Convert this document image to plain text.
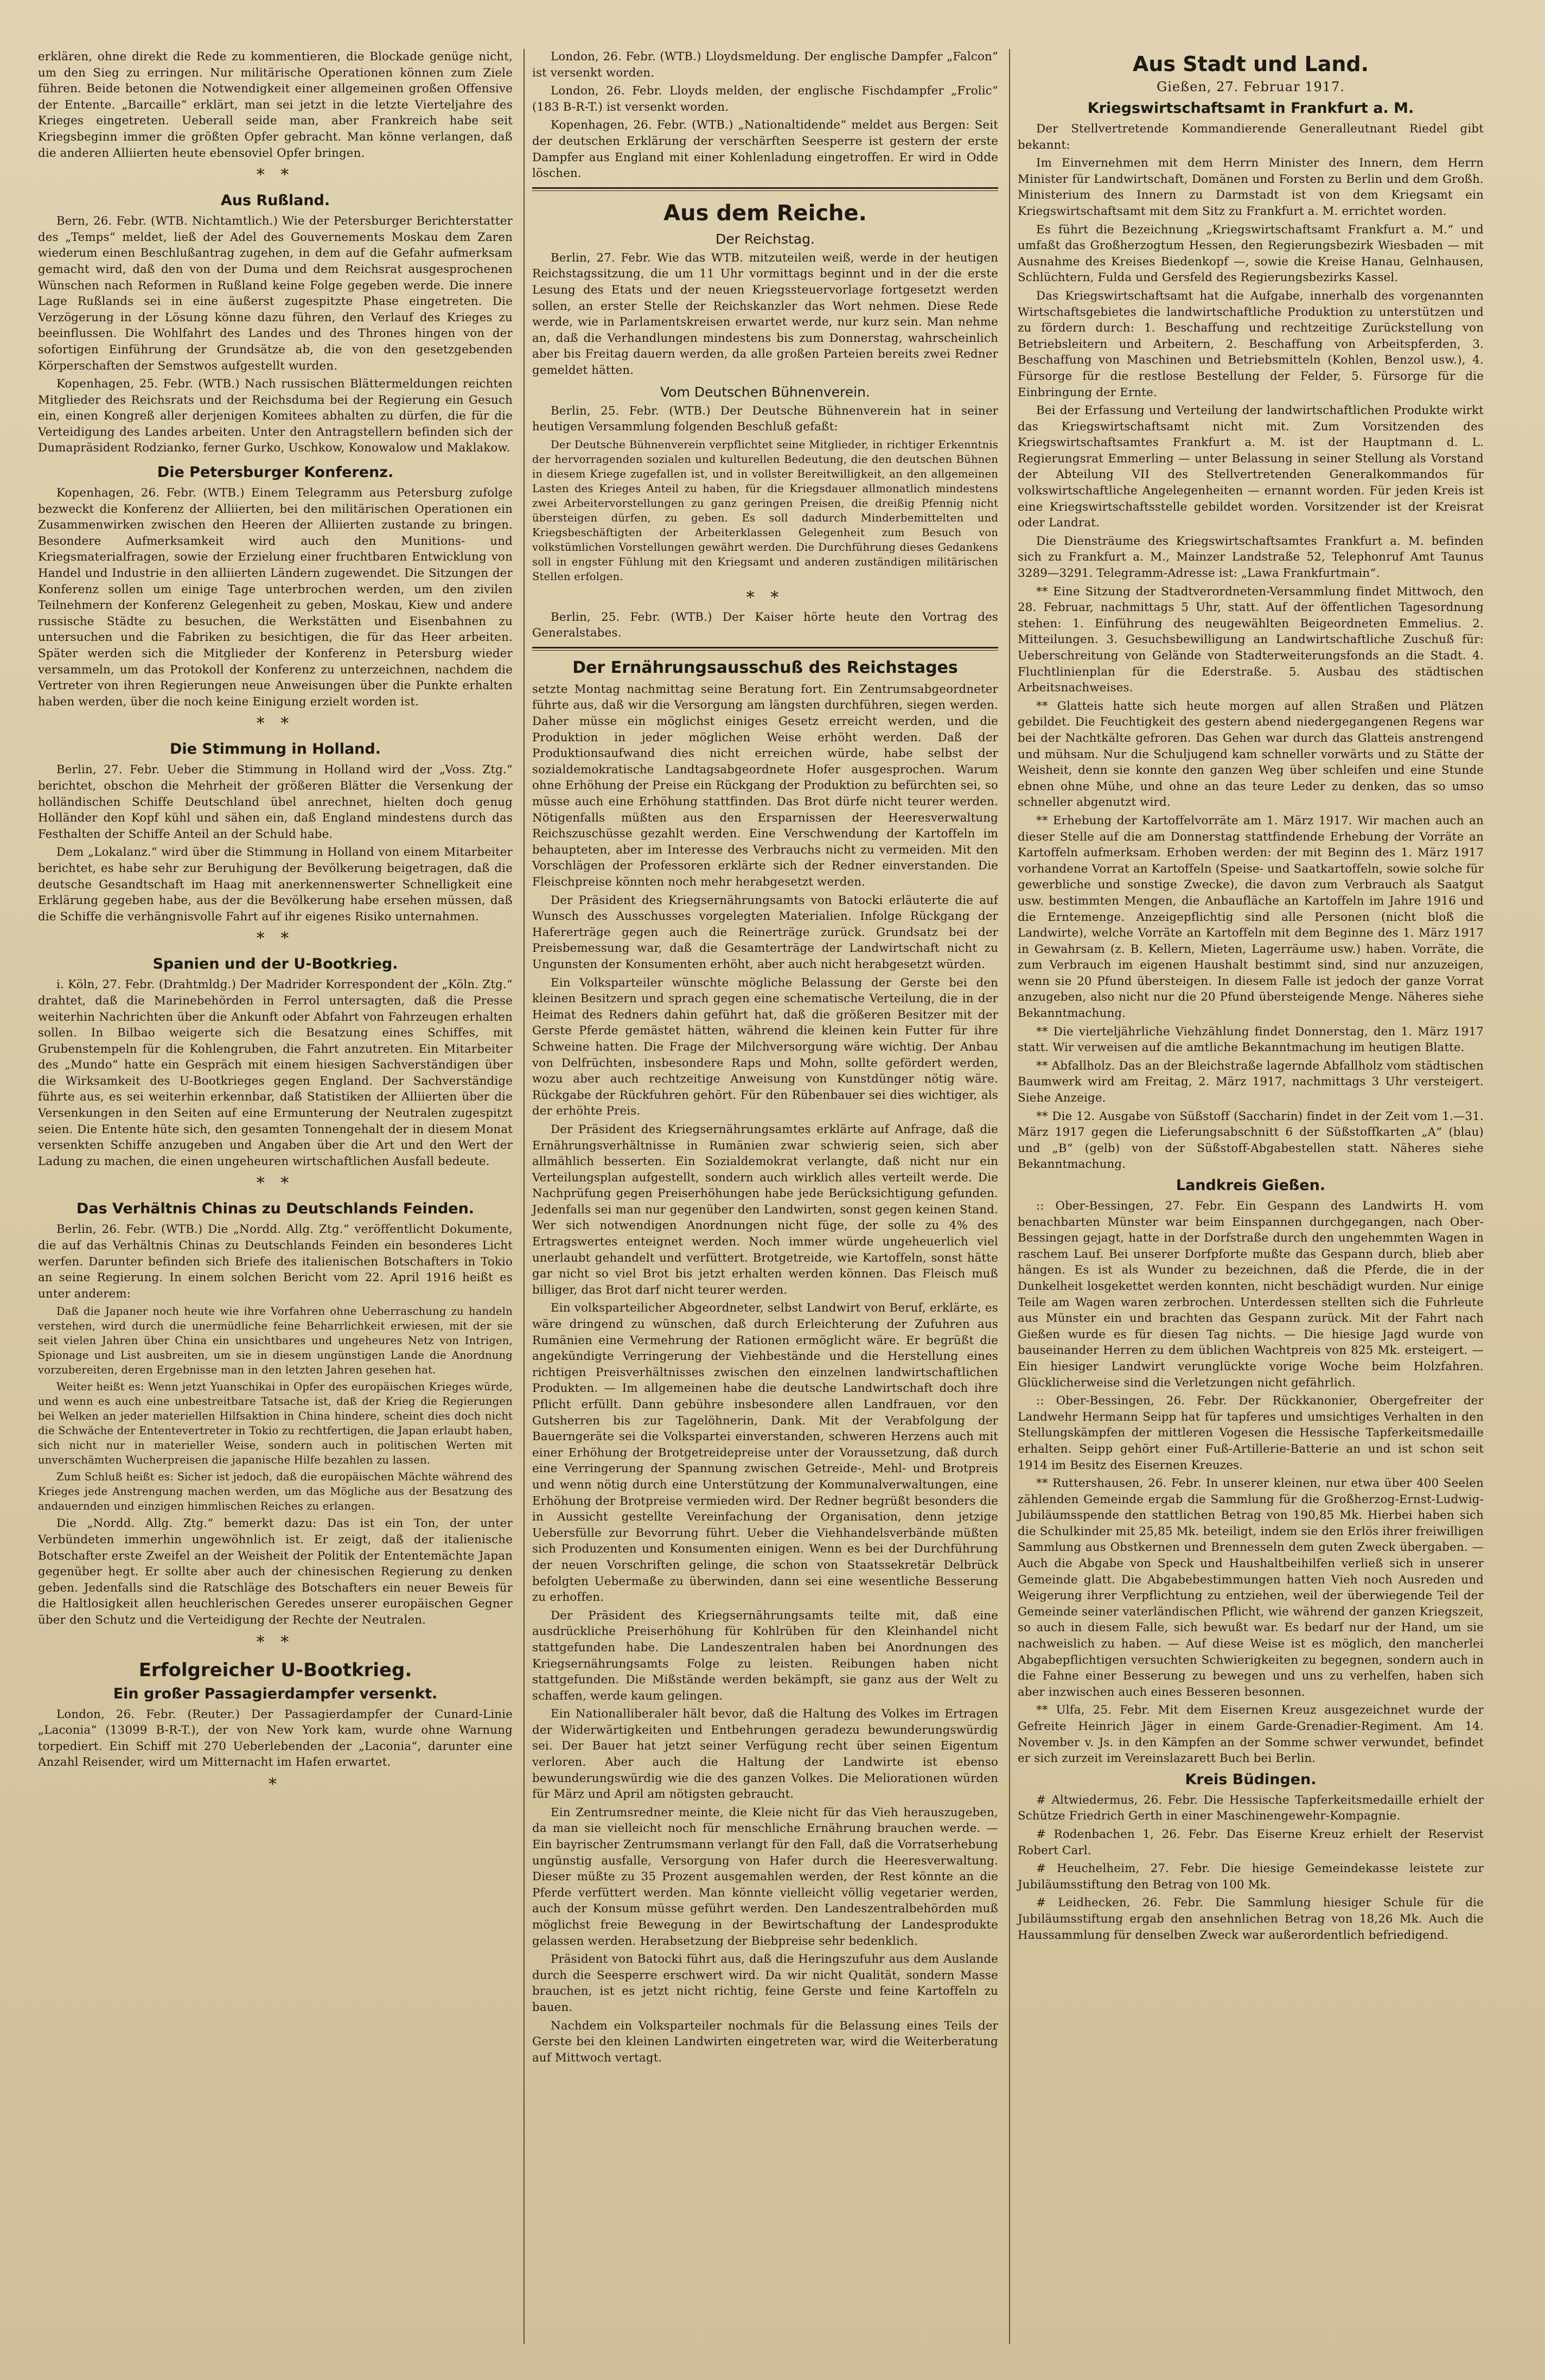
erklären, ohne direkt die Rede zu kommentieren, die Blockade genüge nicht, um den Sieg zu erringen. Nur militärische Operationen können zum Ziele führen. Beide betonen die Notwendigkeit einer allgemeinen großen Offensive der Entente. „Barcaille“ erklärt, man sei jetzt in die letzte Vierteljahre des Krieges eingetreten. Ueberall seide man, aber Frankreich habe seit Kriegsbeginn immer die größten Opfer gebracht. Man könne verlangen, daß die anderen Alliierten heute ebensoviel Opfer bringen.

* *
Aus Rußland.

Bern, 26. Febr. (WTB. Nichtamtlich.) Wie der Petersburger Berichterstatter des „Temps“ meldet, ließ der Adel des Gouvernements Moskau dem Zaren wiederum einen Beschlußantrag zugehen, in dem auf die Gefahr aufmerksam gemacht wird, daß den von der Duma und dem Reichsrat ausgesprochenen Wünschen nach Reformen in Rußland keine Folge gegeben werde. Die innere Lage Rußlands sei in eine äußerst zugespitzte Phase eingetreten. Die Verzögerung in der Lösung könne dazu führen, den Verlauf des Krieges zu beeinflussen. Die Wohlfahrt des Landes und des Thrones hingen von der sofortigen Einführung der Grundsätze ab, die von den gesetzgebenden Körperschaften der Semstwos aufgestellt wurden.

Kopenhagen, 25. Febr. (WTB.) Nach russischen Blättermeldungen reichten Mitglieder des Reichsrats und der Reichsduma bei der Regierung ein Gesuch ein, einen Kongreß aller derjenigen Komitees abhalten zu dürfen, die für die Verteidigung des Landes arbeiten. Unter den Antragstellern befinden sich der Dumapräsident Rodzianko, ferner Gurko, Uschkow, Konowalow und Maklakow.

Die Petersburger Konferenz.

Kopenhagen, 26. Febr. (WTB.) Einem Telegramm aus Petersburg zufolge bezweckt die Konferenz der Alliierten, bei den militärischen Operationen ein Zusammenwirken zwischen den Heeren der Alliierten zustande zu bringen. Besondere Aufmerksamkeit wird auch den Munitions- und Kriegsmaterialfragen, sowie der Erzielung einer fruchtbaren Entwicklung von Handel und Industrie in den alliierten Ländern zugewendet. Die Sitzungen der Konferenz sollen um einige Tage unterbrochen werden, um den zivilen Teilnehmern der Konferenz Gelegenheit zu geben, Moskau, Kiew und andere russische Städte zu besuchen, die Werkstätten und Eisenbahnen zu untersuchen und die Fabriken zu besichtigen, die für das Heer arbeiten. Später werden sich die Mitglieder der Konferenz in Petersburg wieder versammeln, um das Protokoll der Konferenz zu unterzeichnen, nachdem die Vertreter von ihren Regierungen neue Anweisungen über die Punkte erhalten haben werden, über die noch keine Einigung erzielt worden ist.

* *
Die Stimmung in Holland.

Berlin, 27. Febr. Ueber die Stimmung in Holland wird der „Voss. Ztg.“ berichtet, obschon die Mehrheit der größeren Blätter die Versenkung der holländischen Schiffe Deutschland übel anrechnet, hielten doch genug Holländer den Kopf kühl und sähen ein, daß England mindestens durch das Festhalten der Schiffe Anteil an der Schuld habe.

Dem „Lokalanz.“ wird über die Stimmung in Holland von einem Mitarbeiter berichtet, es habe sehr zur Beruhigung der Bevölkerung beigetragen, daß die deutsche Gesandtschaft im Haag mit anerkennenswerter Schnelligkeit eine Erklärung gegeben habe, aus der die Bevölkerung habe ersehen müssen, daß die Schiffe die verhängnisvolle Fahrt auf ihr eigenes Risiko unternahmen.

* *
Spanien und der U-Bootkrieg.

i. Köln, 27. Febr. (Drahtmldg.) Der Madrider Korrespondent der „Köln. Ztg.“ drahtet, daß die Marinebehörden in Ferrol untersagten, daß die Presse weiterhin Nachrichten über die Ankunft oder Abfahrt von Fahrzeugen erhalten sollen. In Bilbao weigerte sich die Besatzung eines Schiffes, mit Grubenstempeln für die Kohlengruben, die Fahrt anzutreten. Ein Mitarbeiter des „Mundo“ hatte ein Gespräch mit einem hiesigen Sachverständigen über die Wirksamkeit des U-Bootkrieges gegen England. Der Sachverständige führte aus, es sei weiterhin erkennbar, daß Statistiken der Alliierten über die Versenkungen in den Seiten auf eine Ermunterung der Neutralen zugespitzt seien. Die Entente hüte sich, den gesamten Tonnengehalt der in diesem Monat versenkten Schiffe anzugeben und Angaben über die Art und den Wert der Ladung zu machen, die einen ungeheuren wirtschaftlichen Ausfall bedeute.

* *
Das Verhältnis Chinas zu Deutschlands Feinden.

Berlin, 26. Febr. (WTB.) Die „Nordd. Allg. Ztg.“ veröffentlicht Dokumente, die auf das Verhältnis Chinas zu Deutschlands Feinden ein besonderes Licht werfen. Darunter befinden sich Briefe des italienischen Botschafters in Tokio an seine Regierung. In einem solchen Bericht vom 22. April 1916 heißt es unter anderem:

Daß die Japaner noch heute wie ihre Vorfahren ohne Ueberraschung zu handeln verstehen, wird durch die unermüdliche feine Beharrlichkeit erwiesen, mit der sie seit vielen Jahren über China ein unsichtbares und ungeheures Netz von Intrigen, Spionage und List ausbreiten, um sie in diesem ungünstigen Lande die Anordnung vorzubereiten, deren Ergebnisse man in den letzten Jahren gesehen hat.

Weiter heißt es: Wenn jetzt Yuanschikai in Opfer des europäischen Krieges würde, und wenn es auch eine unbestreitbare Tatsache ist, daß der Krieg die Regierungen bei Welken an jeder materiellen Hilfsaktion in China hindere, scheint dies doch nicht die Schwäche der Ententevertreter in Tokio zu rechtfertigen, die Japan erlaubt haben, sich nicht nur in materieller Weise, sondern auch in politischen Werten mit unverschämten Wucherpreisen die japanische Hilfe bezahlen zu lassen.

Zum Schluß heißt es: Sicher ist jedoch, daß die europäischen Mächte während des Krieges jede Anstrengung machen werden, um das Mögliche aus der Besatzung des andauernden und einzigen himmlischen Reiches zu erlangen.

Die „Nordd. Allg. Ztg.“ bemerkt dazu: Das ist ein Ton, der unter Verbündeten immerhin ungewöhnlich ist. Er zeigt, daß der italienische Botschafter erste Zweifel an der Weisheit der Politik der Ententemächte Japan gegenüber hegt. Er sollte aber auch der chinesischen Regierung zu denken geben. Jedenfalls sind die Ratschläge des Botschafters ein neuer Beweis für die Haltlosigkeit allen heuchlerischen Geredes unserer europäischen Gegner über den Schutz und die Verteidigung der Rechte der Neutralen.

* *
Erfolgreicher U-Bootkrieg.
Ein großer Passagierdampfer versenkt.

London, 26. Febr. (Reuter.) Der Passagierdampfer der Cunard-Linie „Laconia“ (13099 B-R-T.), der von New York kam, wurde ohne Warnung torpediert. Ein Schiff mit 270 Ueberlebenden der „Laconia“, darunter eine Anzahl Reisender, wird um Mitternacht im Hafen erwartet.

*

London, 26. Febr. (WTB.) Lloydsmeldung. Der englische Dampfer „Falcon“ ist versenkt worden.

London, 26. Febr. Lloyds melden, der englische Fischdampfer „Frolic“ (183 B-R-T.) ist versenkt worden.

Kopenhagen, 26. Febr. (WTB.) „Nationaltidende“ meldet aus Bergen: Seit der deutschen Erklärung der verschärften Seesperre ist gestern der erste Dampfer aus England mit einer Kohlenladung eingetroffen. Er wird in Odde löschen.

Aus dem Reiche.
Der Reichstag.

Berlin, 27. Febr. Wie das WTB. mitzuteilen weiß, werde in der heutigen Reichstagssitzung, die um 11 Uhr vormittags beginnt und in der die erste Lesung des Etats und der neuen Kriegssteuervorlage fortgesetzt werden sollen, an erster Stelle der Reichskanzler das Wort nehmen. Diese Rede werde, wie in Parlamentskreisen erwartet werde, nur kurz sein. Man nehme an, daß die Verhandlungen mindestens bis zum Donnerstag, wahrscheinlich aber bis Freitag dauern werden, da alle großen Parteien bereits zwei Redner gemeldet hätten.

Vom Deutschen Bühnenverein.

Berlin, 25. Febr. (WTB.) Der Deutsche Bühnenverein hat in seiner heutigen Versammlung folgenden Beschluß gefaßt:

Der Deutsche Bühnenverein verpflichtet seine Mitglieder, in richtiger Erkenntnis der hervorragenden sozialen und kulturellen Bedeutung, die den deutschen Bühnen in diesem Kriege zugefallen ist, und in vollster Bereitwilligkeit, an den allgemeinen Lasten des Krieges Anteil zu haben, für die Kriegsdauer allmonatlich mindestens zwei Arbeitervorstellungen zu ganz geringen Preisen, die dreißig Pfennig nicht übersteigen dürfen, zu geben. Es soll dadurch Minderbemittelten und Kriegsbeschäftigten der Arbeiterklassen Gelegenheit zum Besuch von volkstümlichen Vorstellungen gewährt werden. Die Durchführung dieses Gedankens soll in engster Fühlung mit den Kriegsamt und anderen zuständigen militärischen Stellen erfolgen.

* *

Berlin, 25. Febr. (WTB.) Der Kaiser hörte heute den Vortrag des Generalstabes.

Der Ernährungsausschuß des Reichstages

setzte Montag nachmittag seine Beratung fort. Ein Zentrumsabgeordneter führte aus, daß wir die Versorgung am längsten durchführen, siegen werden. Daher müsse ein möglichst einiges Gesetz erreicht werden, und die Produktion in jeder möglichen Weise erhöht werden. Daß der Produktionsaufwand dies nicht erreichen würde, habe selbst der sozialdemokratische Landtagsabgeordnete Hofer ausgesprochen. Warum ohne Erhöhung der Preise ein Rückgang der Produktion zu befürchten sei, so müsse auch eine Erhöhung stattfinden. Das Brot dürfe nicht teurer werden. Nötigenfalls müßten aus den Ersparnissen der Heeresverwaltung Reichszuschüsse gezahlt werden. Eine Verschwendung der Kartoffeln im behaupteten, aber im Interesse des Verbrauchs nicht zu vermeiden. Mit den Vorschlägen der Professoren erklärte sich der Redner einverstanden. Die Fleischpreise könnten noch mehr herabgesetzt werden.

Der Präsident des Kriegsernährungsamts von Batocki erläuterte die auf Wunsch des Ausschusses vorgelegten Materialien. Infolge Rückgang der Hafererträge gegen auch die Reinerträge zurück. Grundsatz bei der Preisbemessung war, daß die Gesamterträge der Landwirtschaft nicht zu Ungunsten der Konsumenten erhöht, aber auch nicht herabgesetzt würden.

Ein Volksparteiler wünschte mögliche Belassung der Gerste bei den kleinen Besitzern und sprach gegen eine schematische Verteilung, die in der Heimat des Redners dahin geführt hat, daß die größeren Besitzer mit der Gerste Pferde gemästet hätten, während die kleinen kein Futter für ihre Schweine hatten. Die Frage der Milchversorgung wäre wichtig. Der Anbau von Delfrüchten, insbesondere Raps und Mohn, sollte gefördert werden, wozu aber auch rechtzeitige Anweisung von Kunstdünger nötig wäre. Rückgabe der Rückfuhren gehört. Für den Rübenbauer sei dies wichtiger, als der erhöhte Preis.

Der Präsident des Kriegsernährungsamtes erklärte auf Anfrage, daß die Ernährungsverhältnisse in Rumänien zwar schwierig seien, sich aber allmählich besserten. Ein Sozialdemokrat verlangte, daß nicht nur ein Verteilungsplan aufgestellt, sondern auch wirklich alles verteilt werde. Die Nachprüfung gegen Preiserhöhungen habe jede Berücksichtigung gefunden. Jedenfalls sei man nur gegenüber den Landwirten, sonst gegen keinen Stand. Wer sich notwendigen Anordnungen nicht füge, der solle zu 4% des Ertragswertes enteignet werden. Noch immer würde ungeheuerlich viel unerlaubt gehandelt und verfüttert. Brotgetreide, wie Kartoffeln, sonst hätte gar nicht so viel Brot bis jetzt erhalten werden können. Das Fleisch muß billiger, das Brot darf nicht teurer werden.

Ein volksparteilicher Abgeordneter, selbst Landwirt von Beruf, erklärte, es wäre dringend zu wünschen, daß durch Erleichterung der Zufuhren aus Rumänien eine Vermehrung der Rationen ermöglicht wäre. Er begrüßt die angekündigte Verringerung der Viehbestände und die Herstellung eines richtigen Preisverhältnisses zwischen den einzelnen landwirtschaftlichen Produkten. — Im allgemeinen habe die deutsche Landwirtschaft doch ihre Pflicht erfüllt. Dann gebühre insbesondere allen Landfrauen, vor den Gutsherren bis zur Tagelöhnerin, Dank. Mit der Verabfolgung der Bauerngeräte sei die Volkspartei einverstanden, schweren Herzens auch mit einer Erhöhung der Brotgetreidepreise unter der Voraussetzung, daß durch eine Verringerung der Spannung zwischen Getreide-, Mehl- und Brotpreis und wenn nötig durch eine Unterstützung der Kommunalverwaltungen, eine Erhöhung der Brotpreise vermieden wird. Der Redner begrüßt besonders die in Aussicht gestellte Vereinfachung der Organisation, denn jetzige Uebersfülle zur Bevorrung führt. Ueber die Viehhandelsverbände müßten sich Produzenten und Konsumenten einigen. Wenn es bei der Durchführung der neuen Vorschriften gelinge, die schon von Staatssekretär Delbrück befolgten Uebermaße zu überwinden, dann sei eine wesentliche Besserung zu erhoffen.

Der Präsident des Kriegsernährungsamts teilte mit, daß eine ausdrückliche Preiserhöhung für Kohlrüben für den Kleinhandel nicht stattgefunden habe. Die Landeszentralen haben bei Anordnungen des Kriegsernährungsamts Folge zu leisten. Reibungen haben nicht stattgefunden. Die Mißstände werden bekämpft, sie ganz aus der Welt zu schaffen, werde kaum gelingen.

Ein Nationalliberaler hält bevor, daß die Haltung des Volkes im Ertragen der Widerwärtigkeiten und Entbehrungen geradezu bewunderungswürdig sei. Der Bauer hat jetzt seiner Verfügung recht über seinen Eigentum verloren. Aber auch die Haltung der Landwirte ist ebenso bewunderungswürdig wie die des ganzen Volkes. Die Meliorationen würden für März und April am nötigsten gebraucht.

Ein Zentrumsredner meinte, die Kleie nicht für das Vieh herauszugeben, da man sie vielleicht noch für menschliche Ernährung brauchen werde. — Ein bayrischer Zentrumsmann verlangt für den Fall, daß die Vorratserhebung ungünstig ausfalle, Versorgung von Hafer durch die Heeresverwaltung. Dieser müßte zu 35 Prozent ausgemahlen werden, der Rest könnte an die Pferde verfüttert werden. Man könnte vielleicht völlig vegetarier werden, auch der Konsum müsse geführt werden. Den Landeszentralbehörden muß möglichst freie Bewegung in der Bewirtschaftung der Landesprodukte gelassen werden. Herabsetzung der Biebpreise sehr bedenklich.

Präsident von Batocki führt aus, daß die Heringszufuhr aus dem Auslande durch die Seesperre erschwert wird. Da wir nicht Qualität, sondern Masse brauchen, ist es jetzt nicht richtig, feine Gerste und feine Kartoffeln zu bauen.

Nachdem ein Volksparteiler nochmals für die Belassung eines Teils der Gerste bei den kleinen Landwirten eingetreten war, wird die Weiterberatung auf Mittwoch vertagt.

Aus Stadt und Land.
Gießen, 27. Februar 1917.
Kriegswirtschaftsamt in Frankfurt a. M.

Der Stellvertretende Kommandierende Generalleutnant Riedel gibt bekannt:

Im Einvernehmen mit dem Herrn Minister des Innern, dem Herrn Minister für Landwirtschaft, Domänen und Forsten zu Berlin und dem Großh. Ministerium des Innern zu Darmstadt ist von dem Kriegsamt ein Kriegswirtschaftsamt mit dem Sitz zu Frankfurt a. M. errichtet worden.

Es führt die Bezeichnung „Kriegswirtschaftsamt Frankfurt a. M.“ und umfaßt das Großherzogtum Hessen, den Regierungsbezirk Wiesbaden — mit Ausnahme des Kreises Biedenkopf —, sowie die Kreise Hanau, Gelnhausen, Schlüchtern, Fulda und Gersfeld des Regierungsbezirks Kassel.

Das Kriegswirtschaftsamt hat die Aufgabe, innerhalb des vorgenannten Wirtschaftsgebietes die landwirtschaftliche Produktion zu unterstützen und zu fördern durch: 1. Beschaffung und rechtzeitige Zurückstellung von Betriebsleitern und Arbeitern, 2. Beschaffung von Arbeitspferden, 3. Beschaffung von Maschinen und Betriebsmitteln (Kohlen, Benzol usw.), 4. Fürsorge für die restlose Bestellung der Felder, 5. Fürsorge für die Einbringung der Ernte.

Bei der Erfassung und Verteilung der landwirtschaftlichen Produkte wirkt das Kriegswirtschaftsamt nicht mit. Zum Vorsitzenden des Kriegswirtschaftsamtes Frankfurt a. M. ist der Hauptmann d. L. Regierungsrat Emmerling — unter Belassung in seiner Stellung als Vorstand der Abteilung VII des Stellvertretenden Generalkommandos für volkswirtschaftliche Angelegenheiten — ernannt worden. Für jeden Kreis ist eine Kriegswirtschaftsstelle gebildet worden. Vorsitzender ist der Kreisrat oder Landrat.

Die Diensträume des Kriegswirtschaftsamtes Frankfurt a. M. befinden sich zu Frankfurt a. M., Mainzer Landstraße 52, Telephonruf Amt Taunus 3289—3291. Telegramm-Adresse ist: „Lawa Frankfurtmain“.

** Eine Sitzung der Stadtverordneten-Versammlung findet Mittwoch, den 28. Februar, nachmittags 5 Uhr, statt. Auf der öffentlichen Tagesordnung stehen: 1. Einführung des neugewählten Beigeordneten Emmelius. 2. Mitteilungen. 3. Gesuchsbewilligung an Landwirtschaftliche Zuschuß für: Ueberschreitung von Gelände von Stadterweiterungsfonds an die Stadt. 4. Fluchtlinienplan für die Ederstraße. 5. Ausbau des städtischen Arbeitsnachweises.

** Glatteis hatte sich heute morgen auf allen Straßen und Plätzen gebildet. Die Feuchtigkeit des gestern abend niedergegangenen Regens war bei der Nachtkälte gefroren. Das Gehen war durch das Glatteis anstrengend und mühsam. Nur die Schuljugend kam schneller vorwärts und zu Stätte der Weisheit, denn sie konnte den ganzen Weg über schleifen und eine Stunde ebnen ohne Mühe, und ohne an das teure Leder zu denken, das so umso schneller abgenutzt wird.

** Erhebung der Kartoffelvorräte am 1. März 1917. Wir machen auch an dieser Stelle auf die am Donnerstag stattfindende Erhebung der Vorräte an Kartoffeln aufmerksam. Erhoben werden: der mit Beginn des 1. März 1917 vorhandene Vorrat an Kartoffeln (Speise- und Saatkartoffeln, sowie solche für gewerbliche und sonstige Zwecke), die davon zum Verbrauch als Saatgut usw. bestimmten Mengen, die Anbaufläche an Kartoffeln im Jahre 1916 und die Erntemenge. Anzeigepflichtig sind alle Personen (nicht bloß die Landwirte), welche Vorräte an Kartoffeln mit dem Beginne des 1. März 1917 in Gewahrsam (z. B. Kellern, Mieten, Lagerräume usw.) haben. Vorräte, die zum Verbrauch im eigenen Haushalt bestimmt sind, sind nur anzuzeigen, wenn sie 20 Pfund übersteigen. In diesem Falle ist jedoch der ganze Vorrat anzugeben, also nicht nur die 20 Pfund übersteigende Menge. Näheres siehe Bekanntmachung.

** Die vierteljährliche Viehzählung findet Donnerstag, den 1. März 1917 statt. Wir verweisen auf die amtliche Bekanntmachung im heutigen Blatte.

** Abfallholz. Das an der Bleichstraße lagernde Abfallholz vom städtischen Baumwerk wird am Freitag, 2. März 1917, nachmittags 3 Uhr versteigert. Siehe Anzeige.

** Die 12. Ausgabe von Süßstoff (Saccharin) findet in der Zeit vom 1.—31. März 1917 gegen die Lieferungsabschnitt 6 der Süßstoffkarten „A“ (blau) und „B“ (gelb) von der Süßstoff-Abgabestellen statt. Näheres siehe Bekanntmachung.

Landkreis Gießen.

:: Ober-Bessingen, 27. Febr. Ein Gespann des Landwirts H. vom benachbarten Münster war beim Einspannen durchgegangen, nach Ober-Bessingen gejagt, hatte in der Dorfstraße durch den ungehemmten Wagen in raschem Lauf. Bei unserer Dorfpforte mußte das Gespann durch, blieb aber hängen. Es ist als Wunder zu bezeichnen, daß die Pferde, die in der Dunkelheit losgekettet werden konnten, nicht beschädigt wurden. Nur einige Teile am Wagen waren zerbrochen. Unterdessen stellten sich die Fuhrleute aus Münster ein und brachten das Gespann zurück. Mit der Fahrt nach Gießen wurde es für diesen Tag nichts. — Die hiesige Jagd wurde von bauseinander Herren zu dem üblichen Wachtpreis von 825 Mk. ersteigert. — Ein hiesiger Landwirt verunglückte vorige Woche beim Holzfahren. Glücklicherweise sind die Verletzungen nicht gefährlich.

:: Ober-Bessingen, 26. Febr. Der Rückkanonier, Obergefreiter der Landwehr Hermann Seipp hat für tapferes und umsichtiges Verhalten in den Stellungskämpfen der mittleren Vogesen die Hessische Tapferkeitsmedaille erhalten. Seipp gehört einer Fuß-Artillerie-Batterie an und ist schon seit 1914 im Besitz des Eisernen Kreuzes.

** Ruttershausen, 26. Febr. In unserer kleinen, nur etwa über 400 Seelen zählenden Gemeinde ergab die Sammlung für die Großherzog-Ernst-Ludwig-Jubiläumsspende den stattlichen Betrag von 190,85 Mk. Hierbei haben sich die Schulkinder mit 25,85 Mk. beteiligt, indem sie den Erlös ihrer freiwilligen Sammlung aus Obstkernen und Brennesseln dem guten Zweck übergaben. — Auch die Abgabe von Speck und Haushaltbeihilfen verließ sich in unserer Gemeinde glatt. Die Abgabebestimmungen hatten Vieh noch Ausreden und Weigerung ihrer Verpflichtung zu entziehen, weil der überwiegende Teil der Gemeinde seiner vaterländischen Pflicht, wie während der ganzen Kriegszeit, so auch in diesem Falle, sich bewußt war. Es bedarf nur der Hand, um sie nachweislich zu haben. — Auf diese Weise ist es möglich, den mancherlei Abgabepflichtigen versuchten Schwierigkeiten zu begegnen, sondern auch in die Fahne einer Besserung zu bewegen und uns zu verhelfen, haben sich aber inzwischen auch eines Besseren besonnen.

** Ulfa, 25. Febr. Mit dem Eisernen Kreuz ausgezeichnet wurde der Gefreite Heinrich Jäger in einem Garde-Grenadier-Regiment. Am 14. November v. Js. in den Kämpfen an der Somme schwer verwundet, befindet er sich zurzeit im Vereinslazarett Buch bei Berlin.

Kreis Büdingen.

# Altwiedermus, 26. Febr. Die Hessische Tapferkeitsmedaille erhielt der Schütze Friedrich Gerth in einer Maschinengewehr-Kompagnie.

# Rodenbachen 1, 26. Febr. Das Eiserne Kreuz erhielt der Reservist Robert Carl.

# Heuchelheim, 27. Febr. Die hiesige Gemeindekasse leistete zur Jubiläumsstiftung den Betrag von 100 Mk.

# Leidhecken, 26. Febr. Die Sammlung hiesiger Schule für die Jubiläumsstiftung ergab den ansehnlichen Betrag von 18,26 Mk. Auch die Haussammlung für denselben Zweck war außerordentlich befriedigend.
